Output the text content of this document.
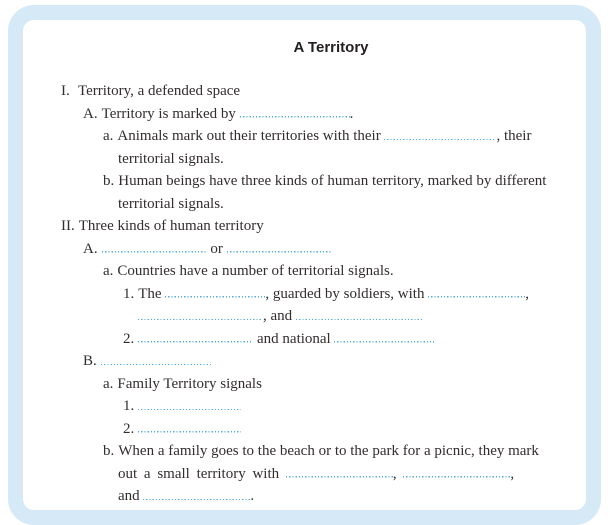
A Territory
I. Territory, a defended space
A. Territory is marked by	.
a. Animals mark out their territories with their	, their
territorial signals.
b. Human beings have three kinds of human territory, marked by different
territorial signals.
II. Three kinds of human territory
A.	or
a. Countries have a number of territorial signals.
1. The	, guarded by soldiers, with	,
, and
2.	and national
B.
a. Family Territory signals
1.
2.
b. When a family goes to the beach or to the park for a picnic, they mark
out a small territory with	,	,
and	.
